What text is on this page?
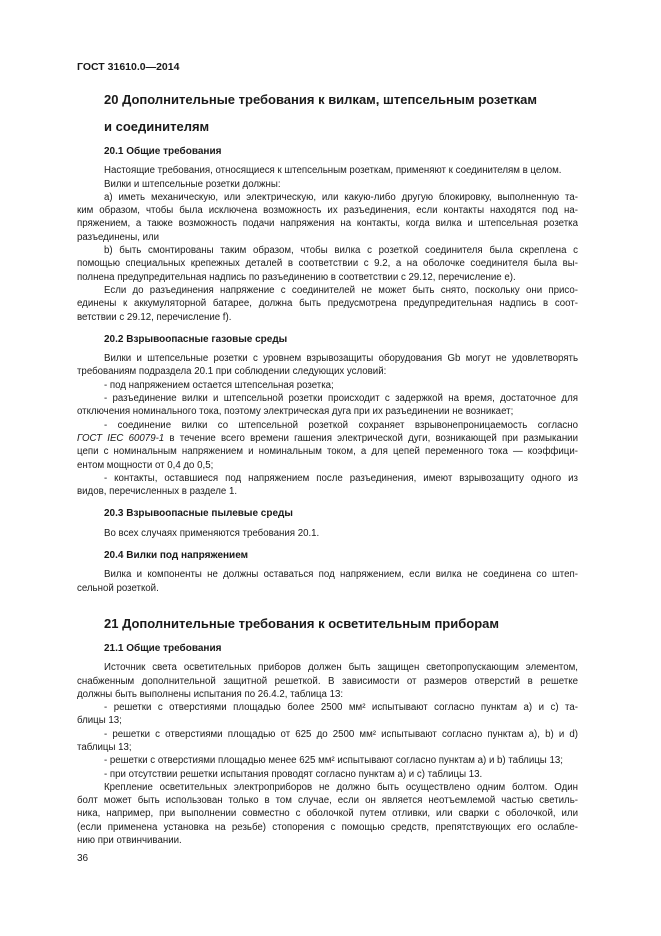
ГОСТ 31610.0—2014
20 Дополнительные требования к вилкам, штепсельным розеткам
и соединителям
20.1 Общие требования
Настоящие требования, относящиеся к штепсельным розеткам, применяют к соединителям в целом.
Вилки и штепсельные розетки должны:
а) иметь механическую, или электрическую, или какую-либо другую блокировку, выполненную та-
ким образом, чтобы была исключена возможность их разъединения, если контакты находятся под на-
пряжением, а также возможность подачи напряжения на контакты, когда вилка и штепсельная розетка
разъединены, или
b) быть смонтированы таким образом, чтобы вилка с розеткой соединителя была скреплена с
помощью специальных крепежных деталей в соответствии с 9.2, а на оболочке соединителя была вы-
полнена предупредительная надпись по разъединению в соответствии с 29.12, перечисление е).
Если до разъединения напряжение с соединителей не может быть снято, поскольку они присо-
единены к аккумуляторной батарее, должна быть предусмотрена предупредительная надпись в соот-
ветствии с 29.12, перечисление f).
20.2 Взрывоопасные газовые среды
Вилки и штепсельные розетки с уровнем взрывозащиты оборудования Gb могут не удовлетворять
требованиям подраздела 20.1 при соблюдении следующих условий:
- под напряжением остается штепсельная розетка;
- разъединение вилки и штепсельной розетки происходит с задержкой на время, достаточное для
отключения номинального тока, поэтому электрическая дуга при их разъединении не возникает;
- соединение вилки со штепсельной розеткой сохраняет взрывонепроницаемость согласно
ГОСТ IEC 60079-1 в течение всего времени гашения электрической дуги, возникающей при размыкании
цепи с номинальным напряжением и номинальным током, а для цепей переменного тока — коэффици-
ентом мощности от 0,4 до 0,5;
- контакты, оставшиеся под напряжением после разъединения, имеют взрывозащиту одного из
видов, перечисленных в разделе 1.
20.3 Взрывоопасные пылевые среды
Во всех случаях применяются требования 20.1.
20.4 Вилки под напряжением
Вилка и компоненты не должны оставаться под напряжением, если вилка не соединена со штеп-
сельной розеткой.
21 Дополнительные требования к осветительным приборам
21.1 Общие требования
Источник света осветительных приборов должен быть защищен светопропускающим элементом,
снабженным дополнительной защитной решеткой. В зависимости от размеров отверстий в решетке
должны быть выполнены испытания по 26.4.2, таблица 13:
- решетки с отверстиями площадью более 2500 мм² испытывают согласно пунктам а) и с) та-
блицы 13;
- решетки с отверстиями площадью от 625 до 2500 мм² испытывают согласно пунктам а), b) и d)
таблицы 13;
- решетки с отверстиями площадью менее 625 мм² испытывают согласно пунктам а) и b) таблицы 13;
- при отсутствии решетки испытания проводят согласно пунктам а) и с) таблицы 13.
Крепление осветительных электроприборов не должно быть осуществлено одним болтом. Один
болт может быть использован только в том случае, если он является неотъемлемой частью светиль-
ника, например, при выполнении совместно с оболочкой путем отливки, или сварки с оболочкой, или
(если применена установка на резьбе) стопорения с помощью средств, препятствующих его ослабле-
нию при отвинчивании.
36
